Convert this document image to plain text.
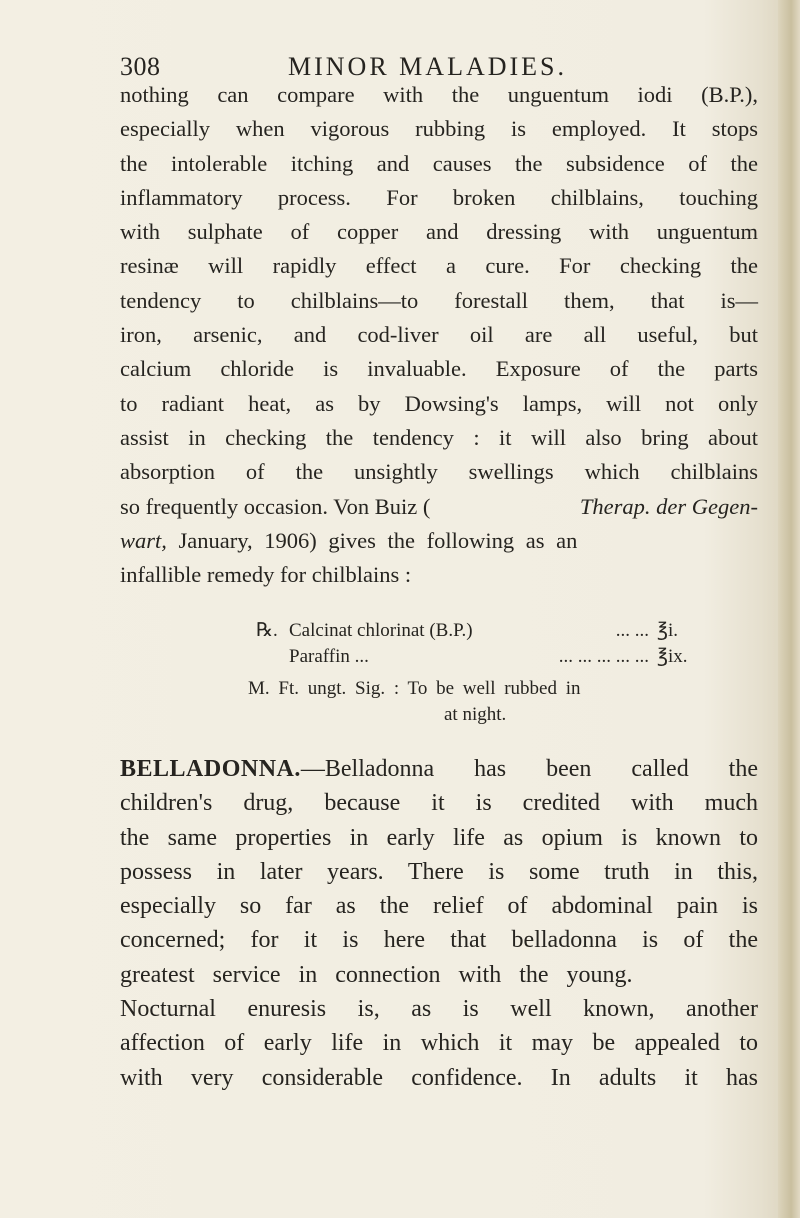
308	MINOR MALADIES.
nothing can compare with the unguentum iodi (B.P.),
especially when vigorous rubbing is employed. It stops
the intolerable itching and causes the subsidence of the
inflammatory process. For broken chilblains, touching
with sulphate of copper and dressing with unguentum
resinæ will rapidly effect a cure. For checking the
tendency to chilblains—to forestall them, that is—
iron, arsenic, and cod-liver oil are all useful, but
calcium chloride is invaluable. Exposure of the parts
to radiant heat, as by Dowsing's lamps, will not only
assist in checking the tendency : it will also bring about
absorption of the unsightly swellings which chilblains
so frequently occasion. Von Buiz (	Therap. der Gegen-
wart, January, 1906) gives the following as an
infallible remedy for chilblains :
℞. Calcinat chlorinat (B.P.)	... ... ℥i.
Paraffin ...	... ... ... ... ... ℥ix.
M. Ft. ungt. Sig. : To be well rubbed in
at night.
BELLADONNA. —Belladonna has been called the
children's drug, because it is credited with much
the same properties in early life as opium is known to
possess in later years. There is some truth in this,
especially so far as the relief of abdominal pain is
concerned; for it is here that belladonna is of the
greatest service in connection with the young.
Nocturnal enuresis is, as is well known, another
affection of early life in which it may be appealed to
with very considerable confidence. In adults it has
